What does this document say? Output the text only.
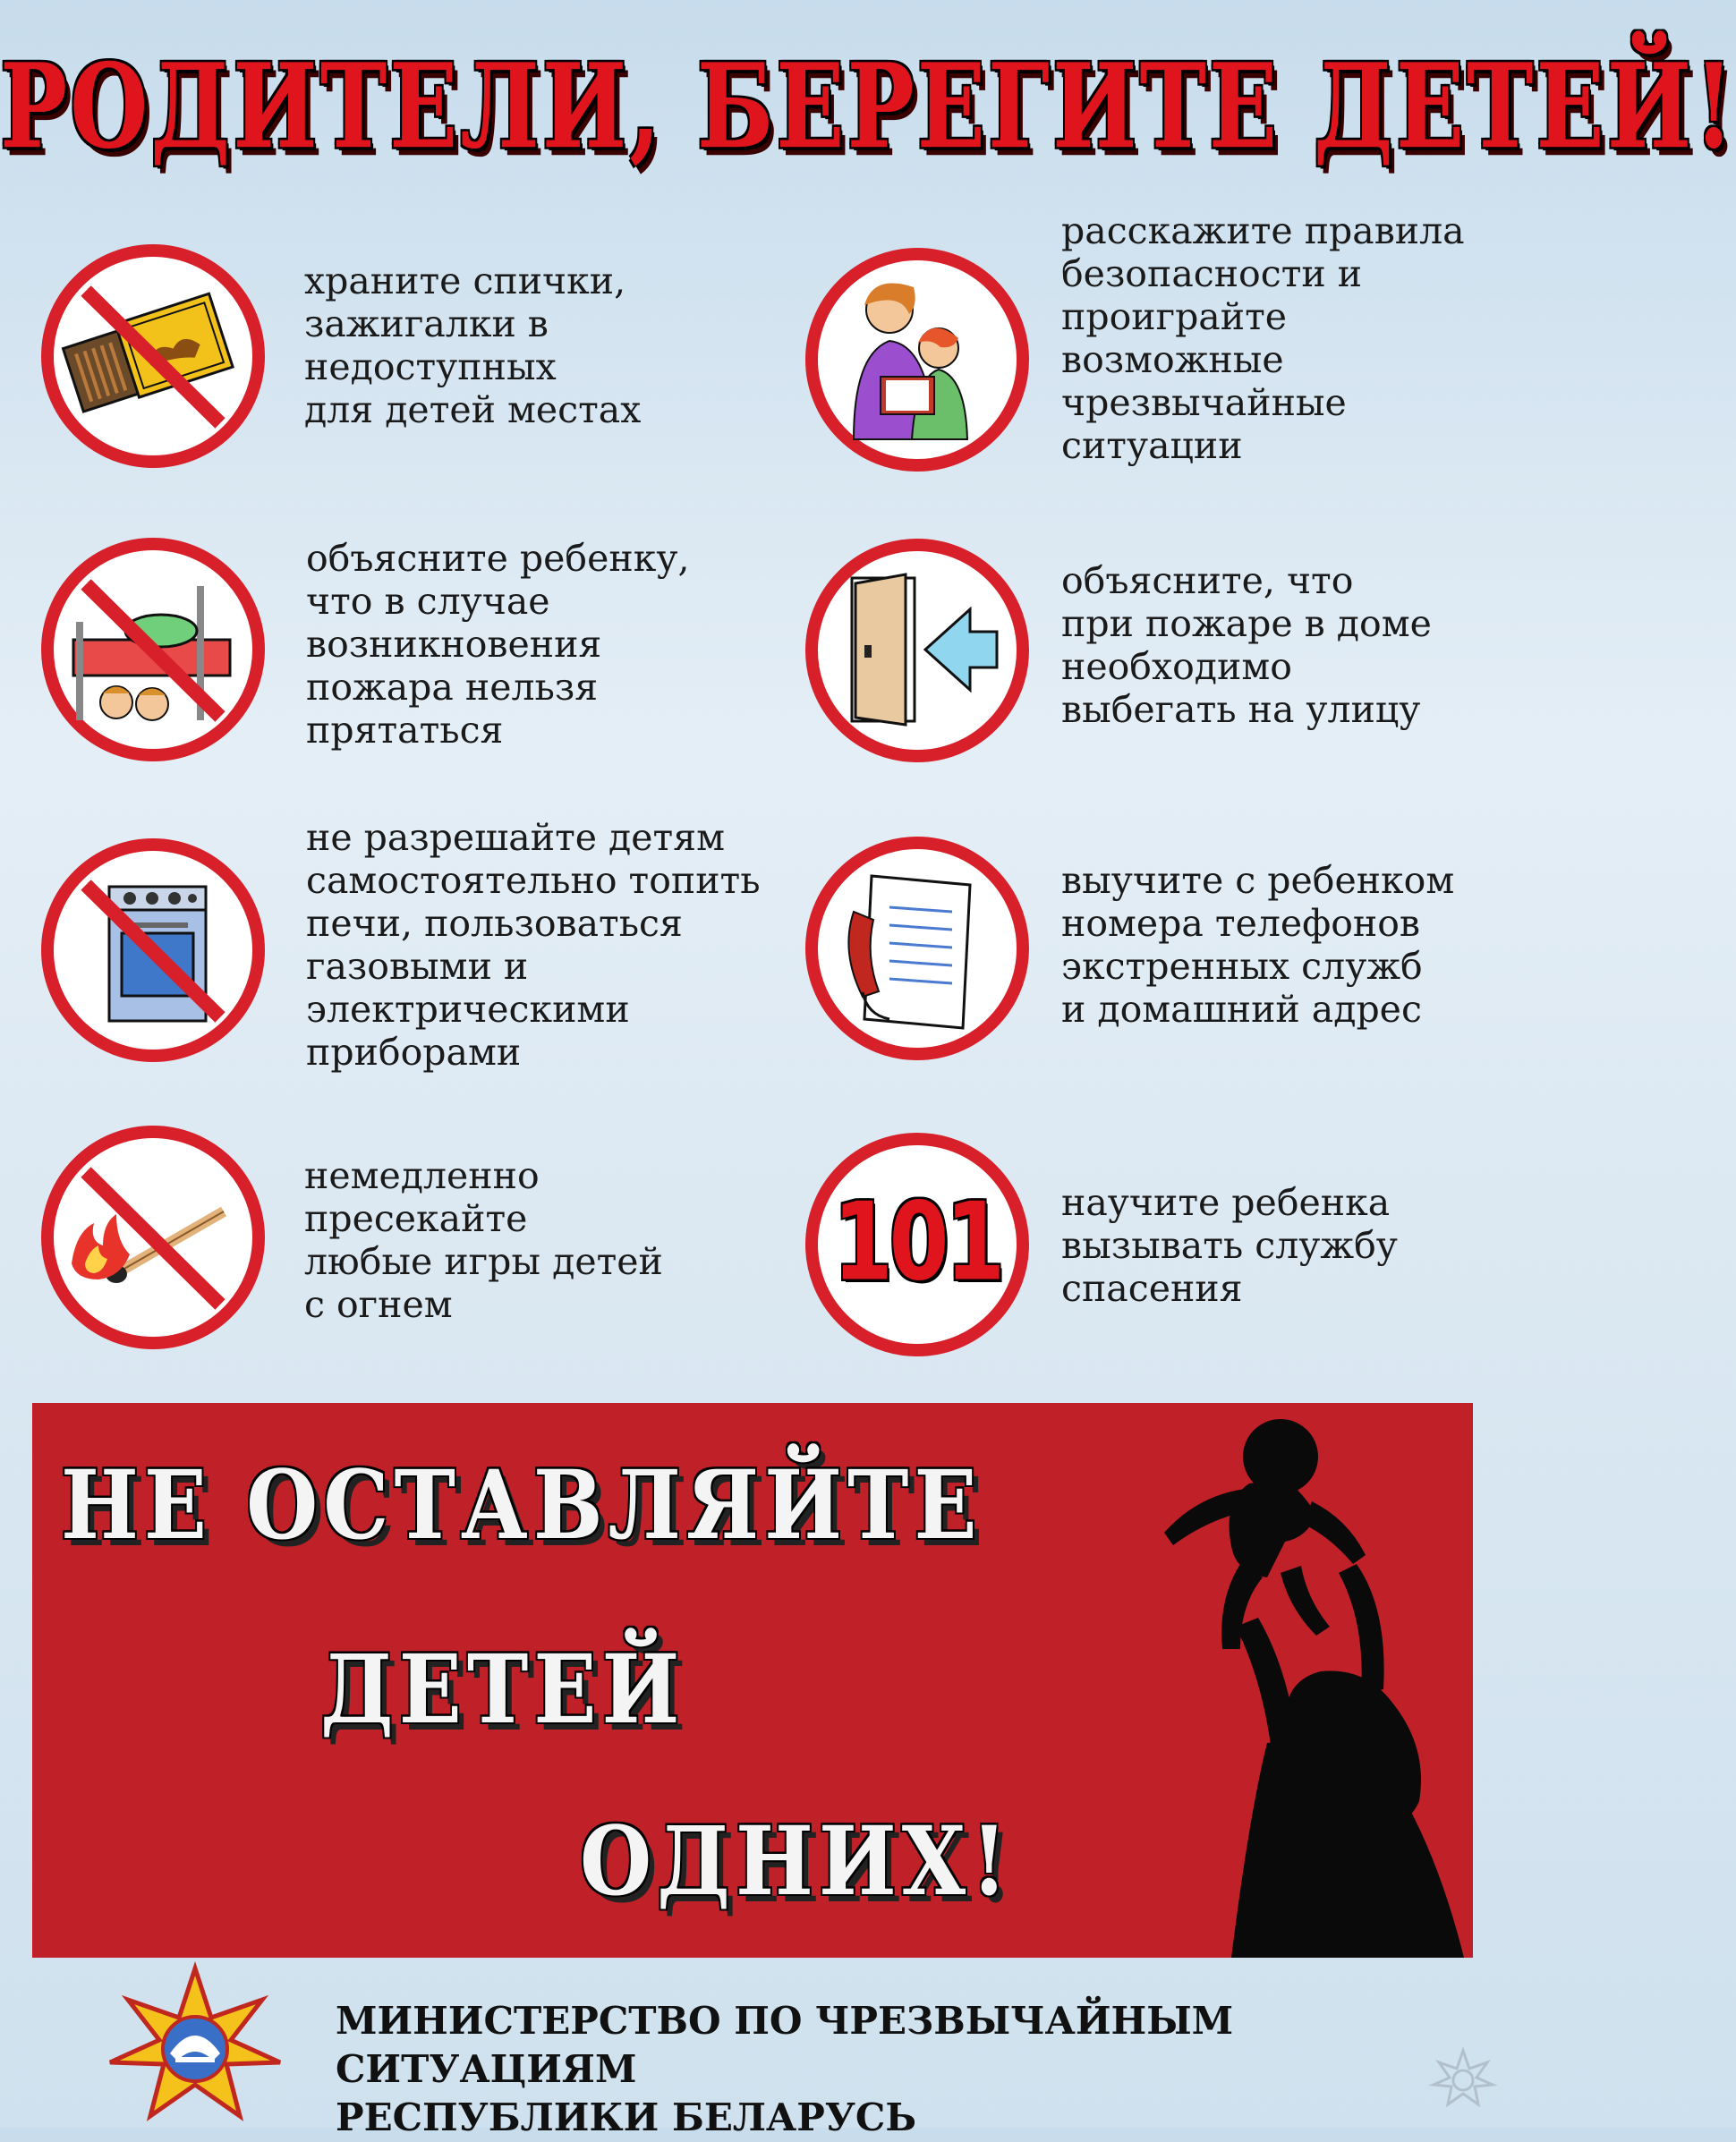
РОДИТЕЛИ, БЕРЕГИТЕ ДЕТЕЙ!

храните спички,
зажигалки в
недоступных
для детей местах

объясните ребенку,
что в случае
возникновения
пожара нельзя
прятаться

не разрешайте детям
самостоятельно топить
печи, пользоваться
газовыми и
электрическими
приборами

немедленно
пресекайте
любые игры детей
с огнем

расскажите правила
безопасности и
проиграйте
возможные
чрезвычайные
ситуации

объясните, что
при пожаре в доме
необходимо
выбегать на улицу

выучите с ребенком
номера телефонов
экстренных служб
и домашний адрес

101	научите ребенка
вызывать службу
спасения

НЕ ОСТАВЛЯЙТЕ
ДЕТЕЙ
ОДНИХ!

МИНИСТЕРСТВО ПО ЧРЕЗВЫЧАЙНЫМ СИТУАЦИЯМ
РЕСПУБЛИКИ БЕЛАРУСЬ
